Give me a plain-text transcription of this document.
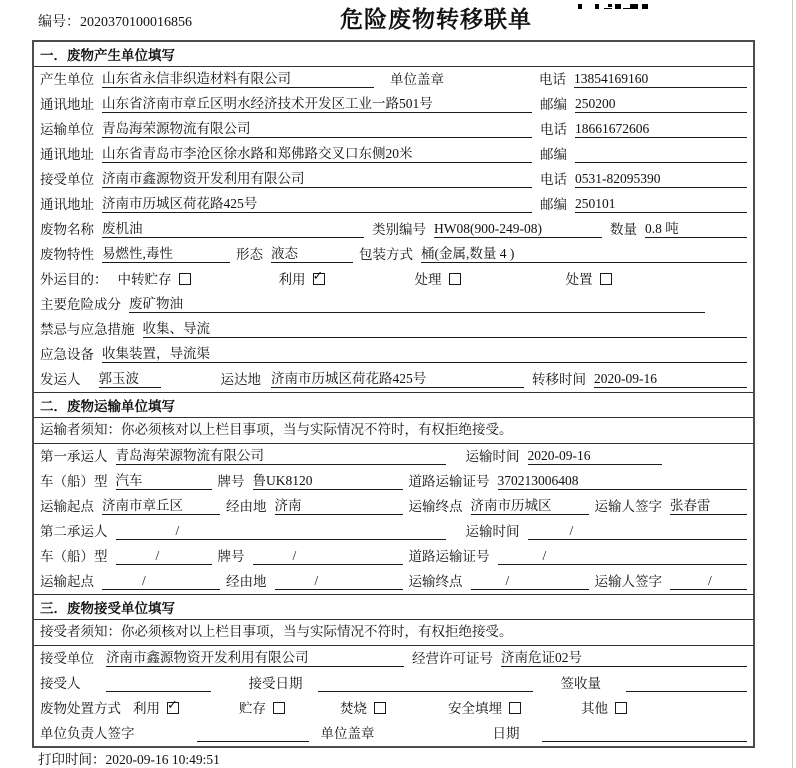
编号：2020370100016856	危险废物转移联单
一．废物产生单位填写
产生单位 山东省永信非织造材料有限公司	单位盖章	电话 13854169160
通讯地址 山东省济南市章丘区明水经济技术开发区工业一路501号	邮编 250200
运输单位 青岛海荣源物流有限公司	电话 18661672606
通讯地址 山东省青岛市李沧区徐水路和郑佛路交叉口东侧20米	邮编
接受单位 济南市鑫源物资开发利用有限公司	电话 0531-82095390
通讯地址 济南市历城区荷花路425号	邮编 250101
废物名称 废机油	类别编号 HW08(900-249-08)	数量 0.8 吨
废物特性 易燃性,毒性	形态 液态	包装方式 桶(金属,数量 4 )
外运目的： 中转贮存	利用 ✓	处理	处置
主要危险成分 废矿物油
禁忌与应急措施 收集、导流
应急设备 收集装置，导流渠
发运人 郭玉波	运达地 济南市历城区荷花路425号	转移时间 2020-09-16
二．废物运输单位填写
运输者须知：你必须核对以上栏目事项，当与实际情况不符时，有权拒绝接受。
第一承运人 青岛海荣源物流有限公司	运输时间 2020-09-16
车（船）型 汽车	牌号 鲁UK8120	道路运输证号 370213006408
运输起点 济南市章丘区	经由地 济南	运输终点 济南市历城区	运输人签字 张春雷
第二承运人	/	运输时间	/
车（船）型	/	牌号	/	道路运输证号	/
运输起点	/	经由地	/	运输终点	/	运输人签字	/
三．废物接受单位填写
接受者须知：你必须核对以上栏目事项，当与实际情况不符时，有权拒绝接受。
接受单位 济南市鑫源物资开发利用有限公司	经营许可证号 济南危证02号
接受人	接受日期	签收量
废物处置方式 利用 ✓	贮存	焚烧	安全填埋	其他
单位负责人签字	单位盖章	日期
打印时间：2020-09-16 10:49:51
